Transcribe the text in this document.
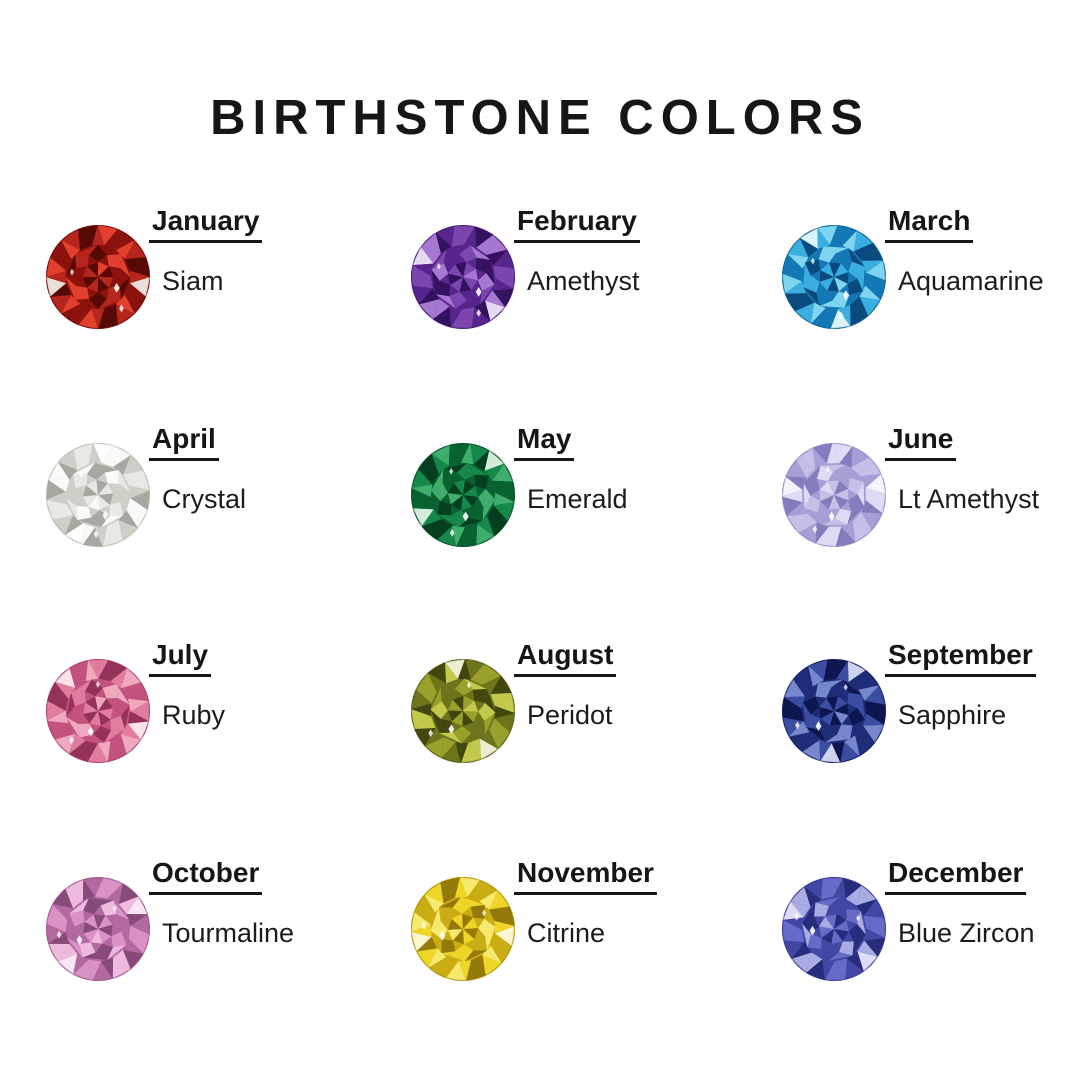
BIRTHSTONE COLORS
January
Siam
February
Amethyst
March
Aquamarine
April
Crystal
May
Emerald
June
Lt Amethyst
July
Ruby
August
Peridot
September
Sapphire
October
Tourmaline
November
Citrine
December
Blue Zircon
